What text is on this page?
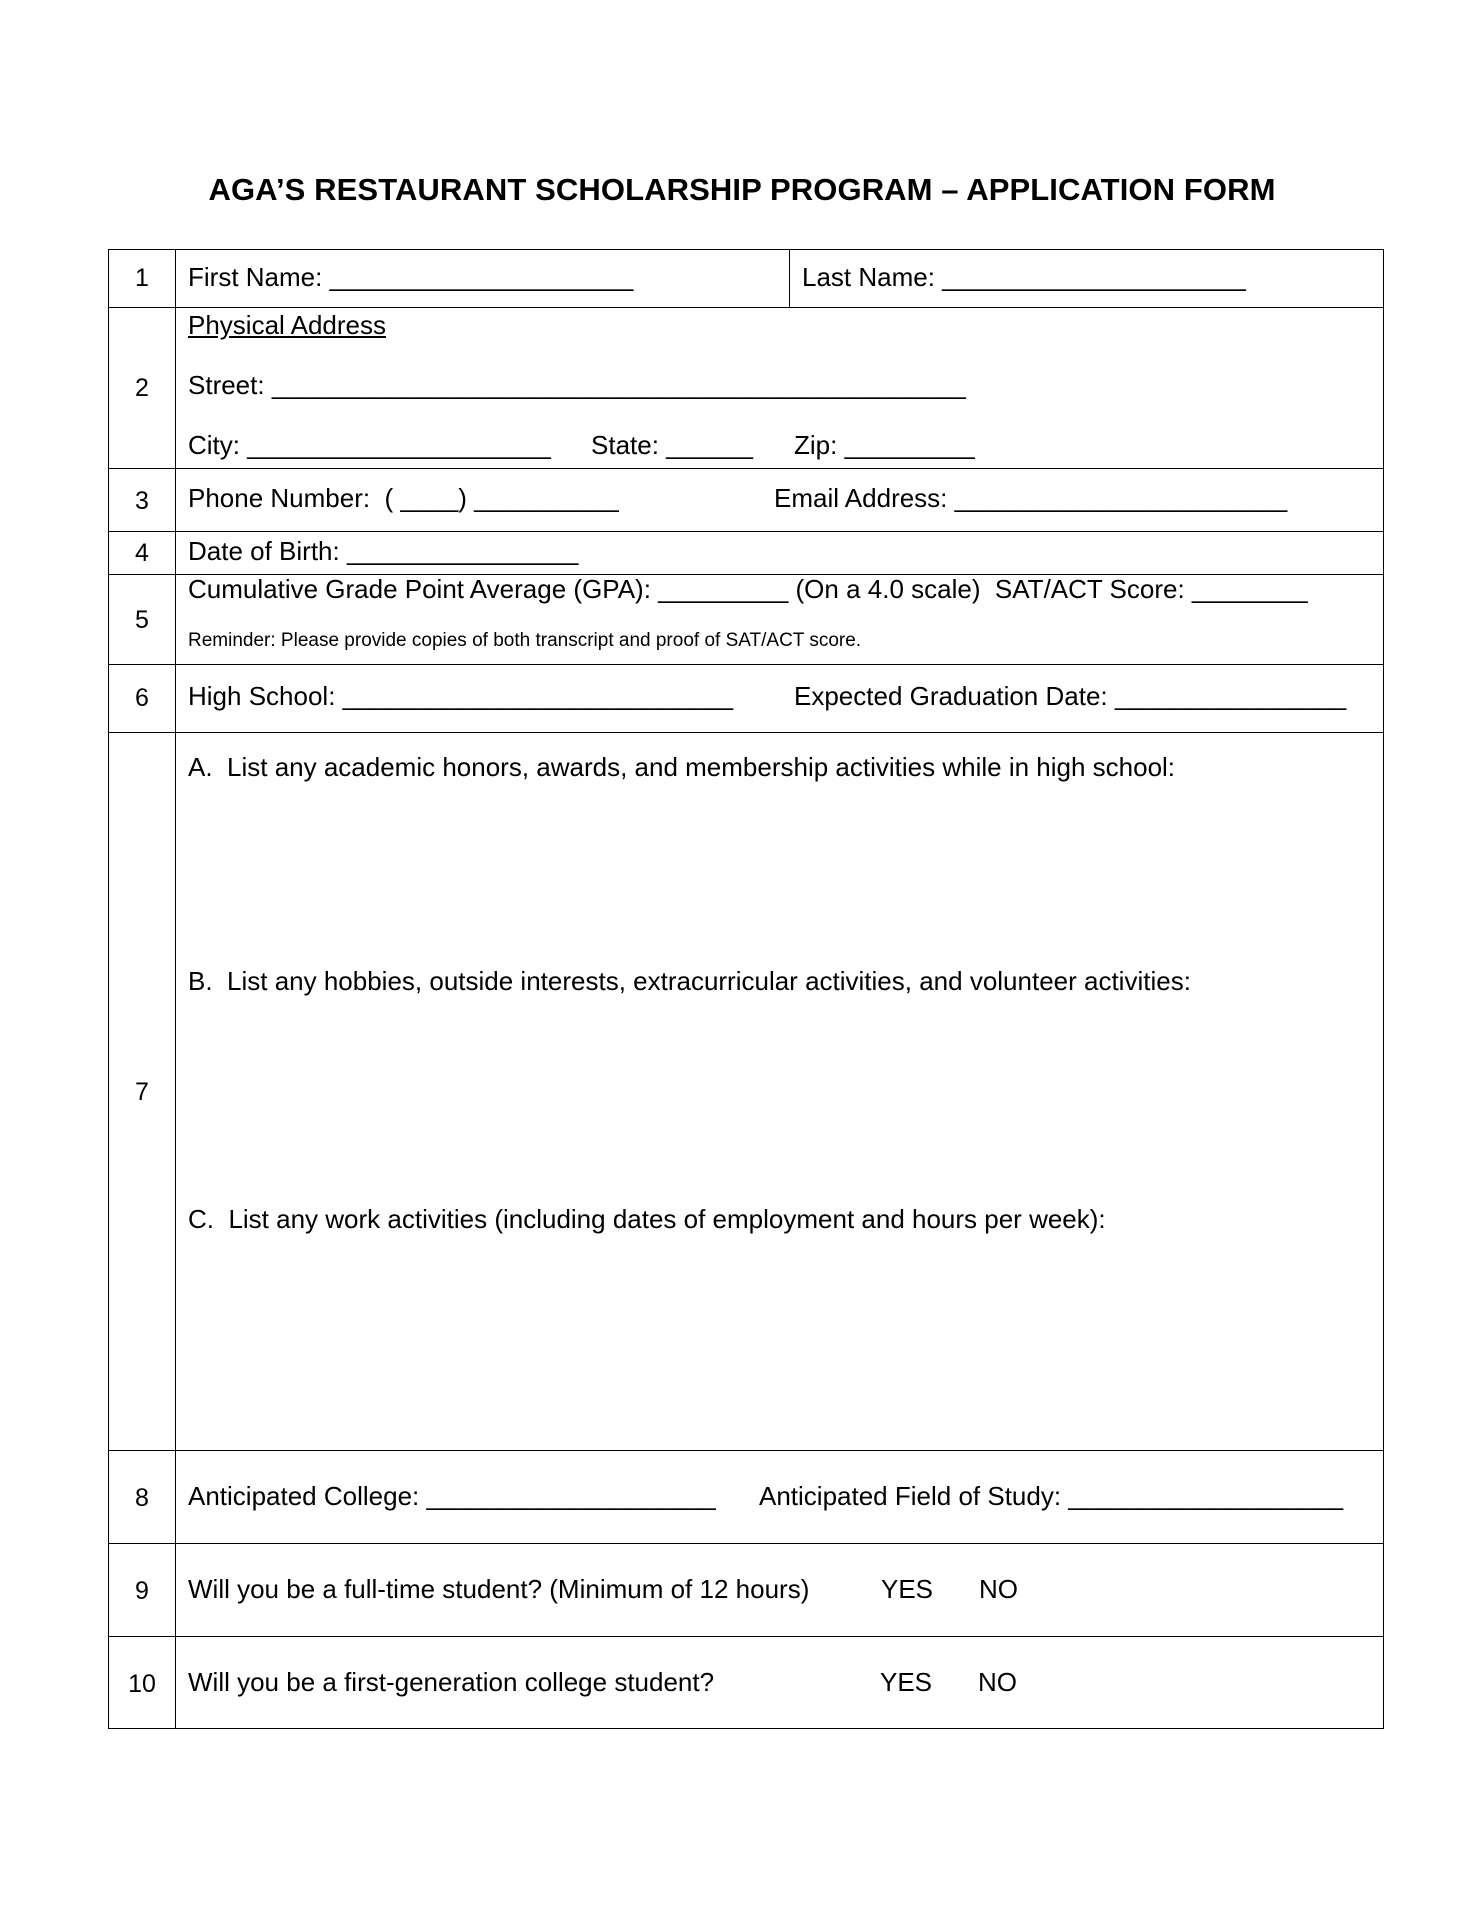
AGA’S RESTAURANT SCHOLARSHIP PROGRAM – APPLICATION FORM
1	First Name: _____________________	Last Name: _____________________
2
Physical Address
Street: ________________________________________________
City: _____________________ State: ______ Zip: _________
3	Phone Number:  ( ____) __________	Email Address: _______________________
4	Date of Birth: ________________
5
Cumulative Grade Point Average (GPA): _________ (On a 4.0 scale)  SAT/ACT Score: ________
Reminder: Please provide copies of both transcript and proof of SAT/ACT score.
6	High School: ___________________________ Expected Graduation Date: ________________
7
A.  List any academic honors, awards, and membership activities while in high school:
B.  List any hobbies, outside interests, extracurricular activities, and volunteer activities:
C.  List any work activities (including dates of employment and hours per week):
8	Anticipated College: ____________________ Anticipated Field of Study: ___________________
9	Will you be a full-time student? (Minimum of 12 hours)	YES NO
10	Will you be a first-generation college student?	YES NO
